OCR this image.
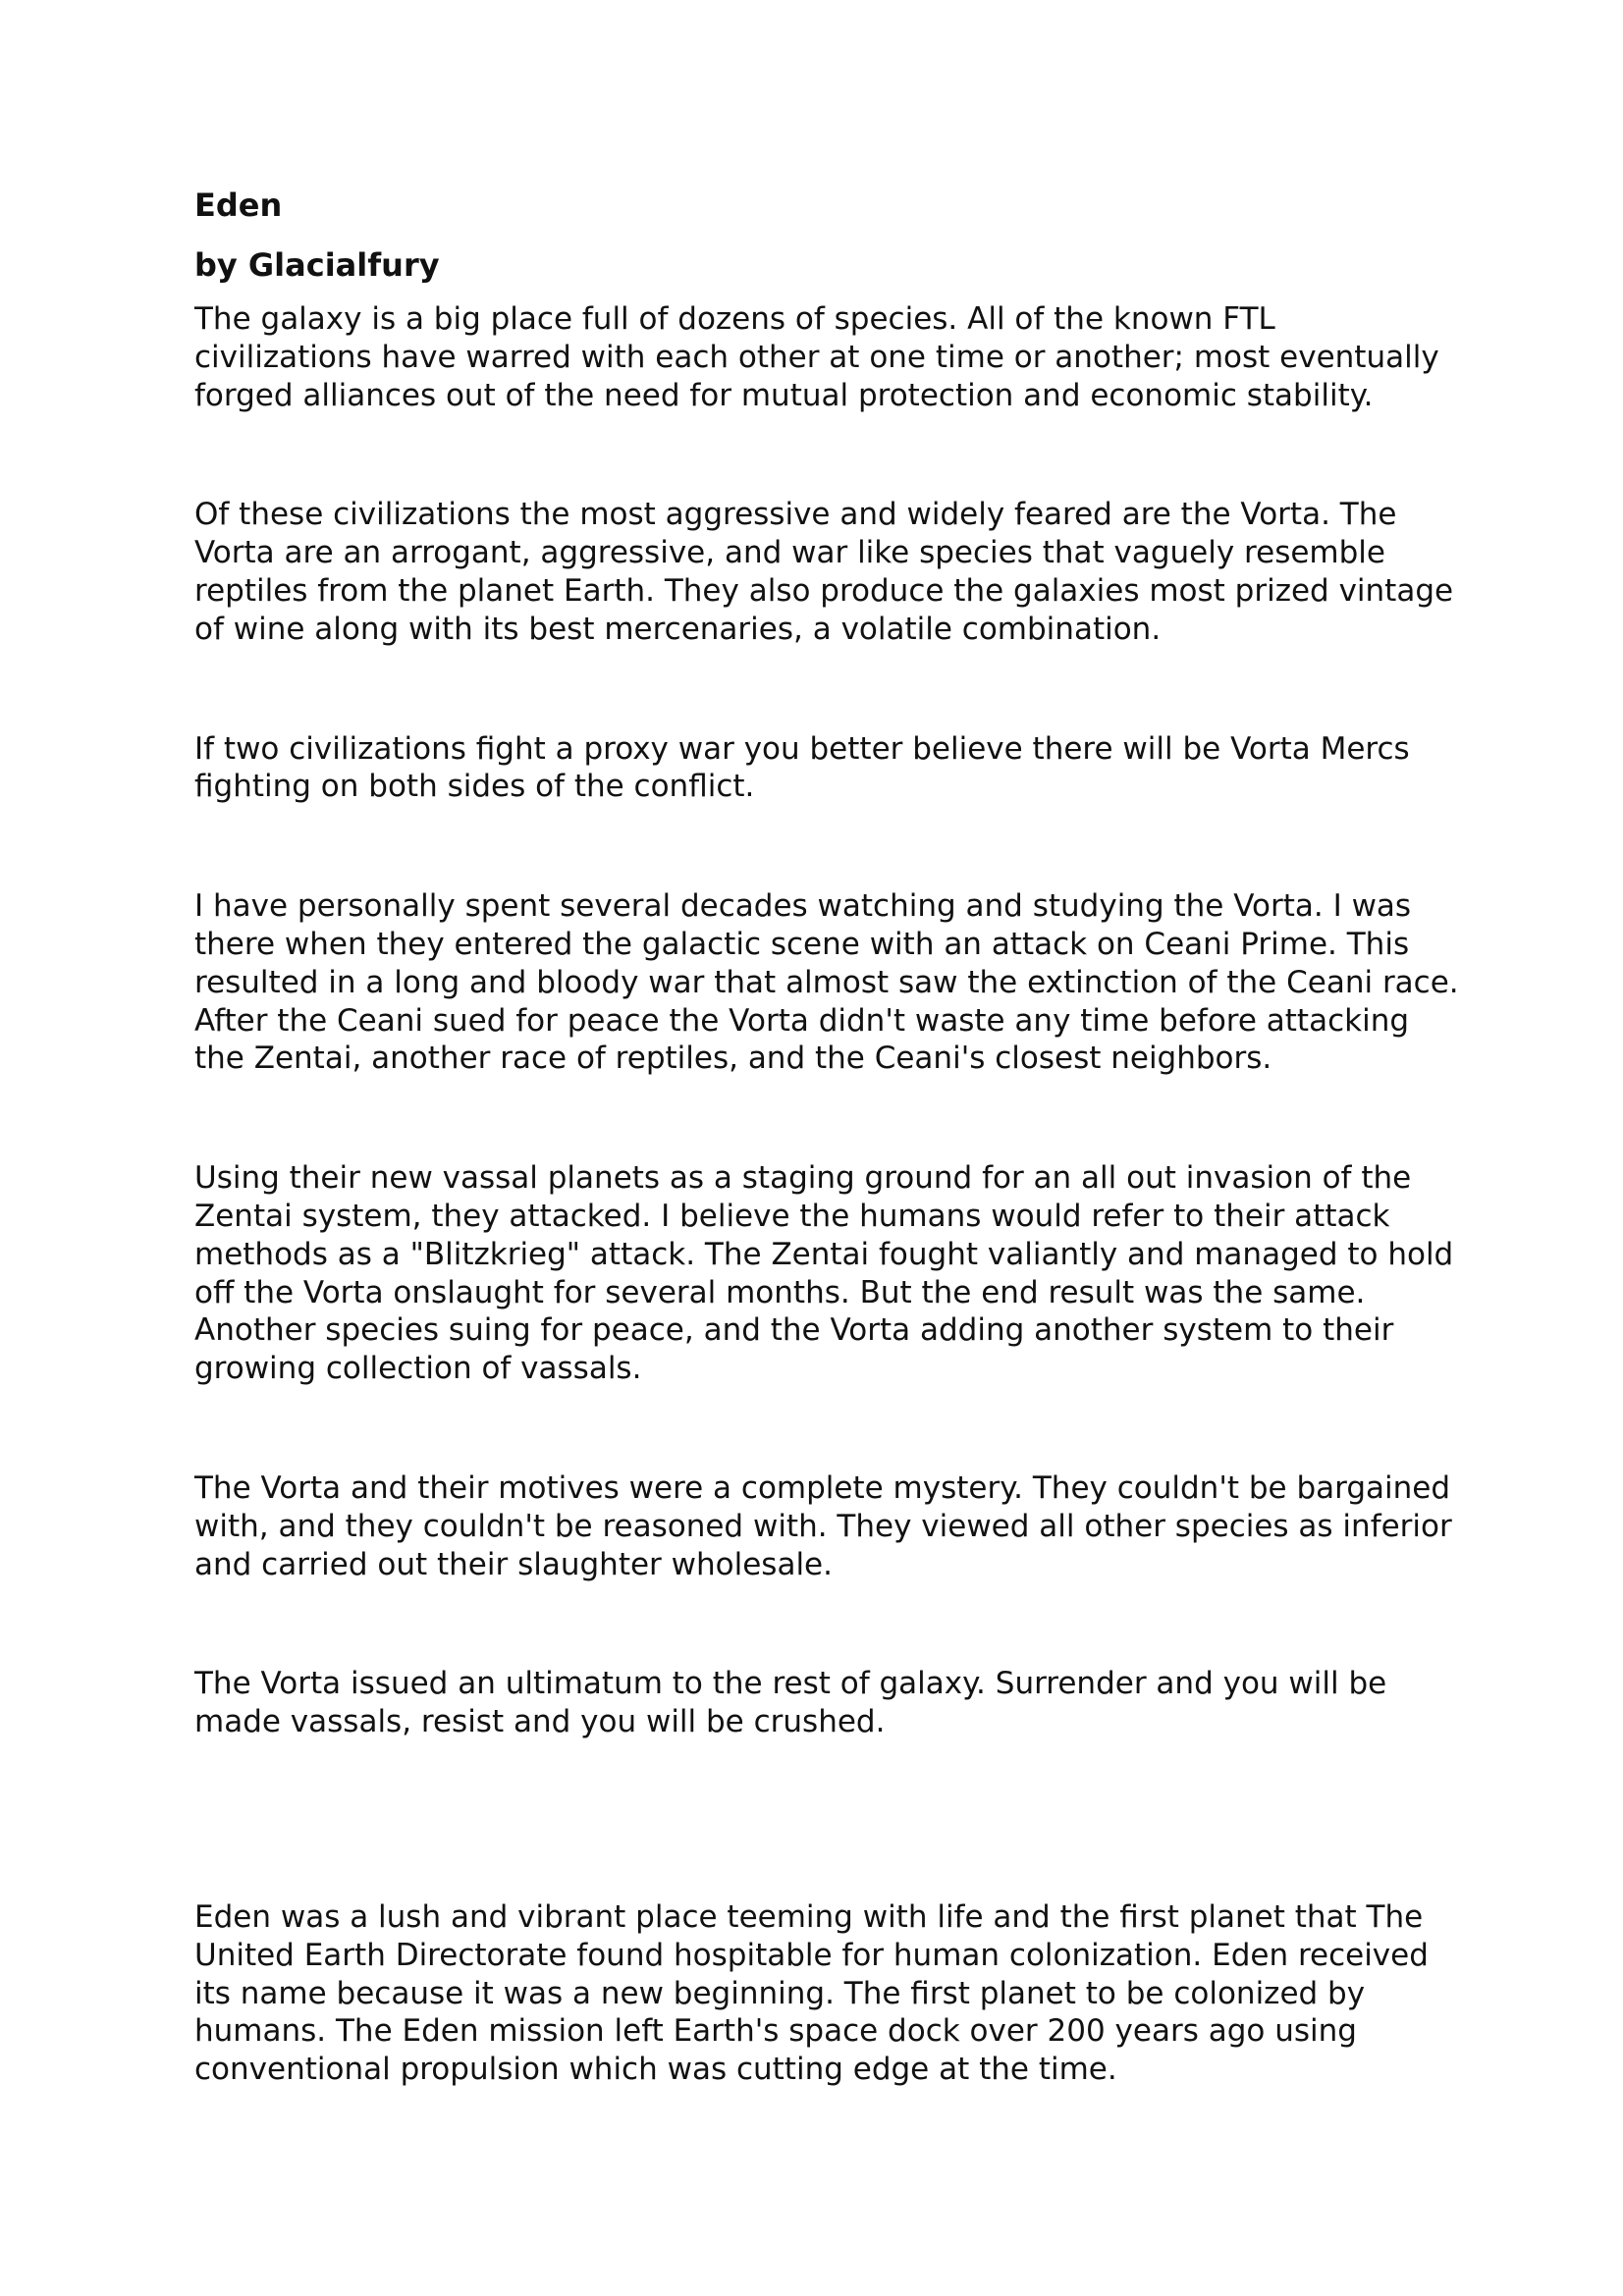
Eden

by Glacialfury

The galaxy is a big place full of dozens of species. All of the known FTL civilizations have warred with each other at one time or another; most eventually forged alliances out of the need for mutual protection and economic stability.

Of these civilizations the most aggressive and widely feared are the Vorta. The Vorta are an arrogant, aggressive, and war like species that vaguely resemble reptiles from the planet Earth. They also produce the galaxies most prized vintage of wine along with its best mercenaries, a volatile combination.

If two civilizations fight a proxy war you better believe there will be Vorta Mercs fighting on both sides of the conflict.

I have personally spent several decades watching and studying the Vorta. I was there when they entered the galactic scene with an attack on Ceani Prime. This resulted in a long and bloody war that almost saw the extinction of the Ceani race. After the Ceani sued for peace the Vorta didn't waste any time before attacking the Zentai, another race of reptiles, and the Ceani's closest neighbors.

Using their new vassal planets as a staging ground for an all out invasion of the Zentai system, they attacked. I believe the humans would refer to their attack methods as a "Blitzkrieg" attack. The Zentai fought valiantly and managed to hold off the Vorta onslaught for several months. But the end result was the same. Another species suing for peace, and the Vorta adding another system to their growing collection of vassals.

The Vorta and their motives were a complete mystery. They couldn't be bargained with, and they couldn't be reasoned with. They viewed all other species as inferior and carried out their slaughter wholesale.

The Vorta issued an ultimatum to the rest of galaxy. Surrender and you will be made vassals, resist and you will be crushed.

Eden was a lush and vibrant place teeming with life and the first planet that The United Earth Directorate found hospitable for human colonization. Eden received its name because it was a new beginning. The first planet to be colonized by humans. The Eden mission left Earth's space dock over 200 years ago using conventional propulsion which was cutting edge at the time.
